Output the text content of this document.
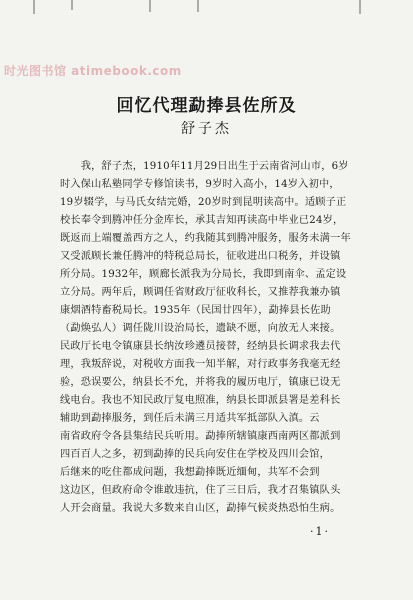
时光图书馆 atimebook.com
回忆代理勐捧县佐所及
舒子杰
　　我，舒子杰，1910年11月29日出生于云南省河山市，6岁
时入保山私塾同学专修馆读书，9岁时入高小，14岁入初中，
19岁辍学，与马氏女结完婚，20岁时到昆明读高中。适顾子正
校长奉令到腾冲任分金库长，承其吉知再读高中毕业已24岁，
既返而上端覆盖西方之人，约我随其到腾冲服务，服务未满一年
又受派顾长兼任腾冲的特税总局长，征收进出口税务，并设镇
所分局。1932年，顾廊长派我为分局长，我即到南伞、孟定设
立分局。两年后，顾调任省财政厅征收科长，又推荐我兼办镇
康烟酒特畜税局长。1935年（民国廿四年），勐捧县长佐助
（勐焕弘人）调任陇川设治局长，遗缺不愿，向放无人来接。
民政厅长电令镇康县长纳汝珍遴员接替，经纳县长调求我去代
理，我叛辞说，对税收方面我一知半解，对行政事务我毫无经
验，恐误要公，纳县长不允，并将我的履历电厅，镇康已设无
线电台。我也不知民政厅复电照准，纳县长即派县署是差科长
辅助到勐捧服务，到任后未满三月适共军抵部队入滇。云
南省政府令各县集结民兵听用。勐捧所辖镇康西南两区都派到
四百百人之多，初到勐捧的民兵向安住在学校及四川会馆，
后继来的吃住都成问题，我想勐捧既近缅甸，共军不会到
这边区，但政府命令谁敢违抗，住了三日后，我才召集镇队头
人开会商量。我说大多数来自山区，勐捧气候炎热恐怕生病。
·1·
